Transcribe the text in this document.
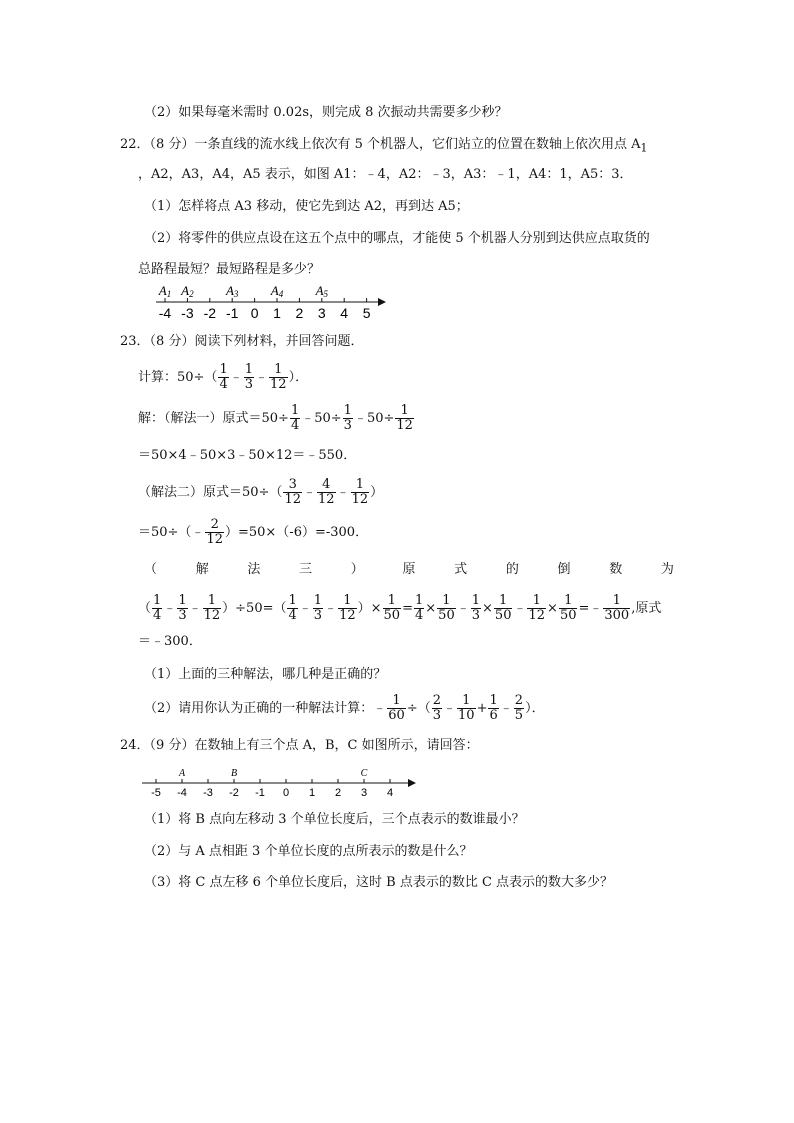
（2）如果每毫米需时 0.02s，则完成 8 次振动共需要多少秒？
22．（8 分）一条直线的流水线上依次有 5 个机器人，它们站立的位置在数轴上依次用点 $A_1$
，A2，A3，A4，A5 表示，如图 A1：﹣4，A2：﹣3，A3：﹣1，A4：1，A5：3．
（1）怎样将点 A3 移动，使它先到达 A2，再到达 A5；
（2）将零件的供应点设在这五个点中的哪点，才能使 5 个机器人分别到达供应点取货的
总路程最短？最短路程是多少？
-4 -3 -2 -1 0 1 2 3 4 5
A1 A2 A3 A4 A5
23．（8 分）阅读下列材料，并回答问题．
计算：$50\div( \frac{1}{4}$ ﹣ $\frac{1}{3}$ ﹣ $\frac{1}{12}$ ）．
解：（解法一）原式$=50\div \frac{1}{4}$ ﹣50÷ $\frac{1}{3}$ ﹣50÷ $\frac{1}{12}$
＝50×4﹣50×3﹣50×12＝﹣550．
（解法二）原式$=50\div( \frac{3}{12}$ ﹣ $\frac{4}{12}$ ﹣ $\frac{1}{12}$ ）
＝50÷（﹣ $\frac{2}{12} )=50\times(-6)=-300$．
（	解	法	三	）	原	式	的	倒	数	为
（ $\frac{1}{4}$ ﹣ $\frac{1}{3}$ ﹣ $\frac{1}{12} )\div 50=( \frac{1}{4}$ ﹣ $\frac{1}{3}$ ﹣ $\frac{1}{12}$ ）× $\frac{1}{50} = \frac{1}{4} \times \frac{1}{50}$ ﹣ $\frac{1}{3} \times \frac{1}{50}$ ﹣ $\frac{1}{12} \times \frac{1}{50}$ =﹣ $\frac{1}{300}$ ,原式
＝﹣300．
（1）上面的三种解法，哪几种是正确的？
（2）请用你认为正确的一种解法计算：﹣ $\frac{1}{60}$ ÷（ $\frac{2}{3}$ ﹣ $\frac{1}{10} + \frac{1}{6}$ ﹣ $\frac{2}{5}$ ）．
24．（9 分）在数轴上有三个点 A，B，C 如图所示，请回答：
-5 -4 -3 -2 -1 0 1 2 3 4
A	B	C
（1）将 B 点向左移动 3 个单位长度后，三个点表示的数谁最小？
（2）与 A 点相距 3 个单位长度的点所表示的数是什么？
（3）将 C 点左移 6 个单位长度后，这时 B 点表示的数比 C 点表示的数大多少？
